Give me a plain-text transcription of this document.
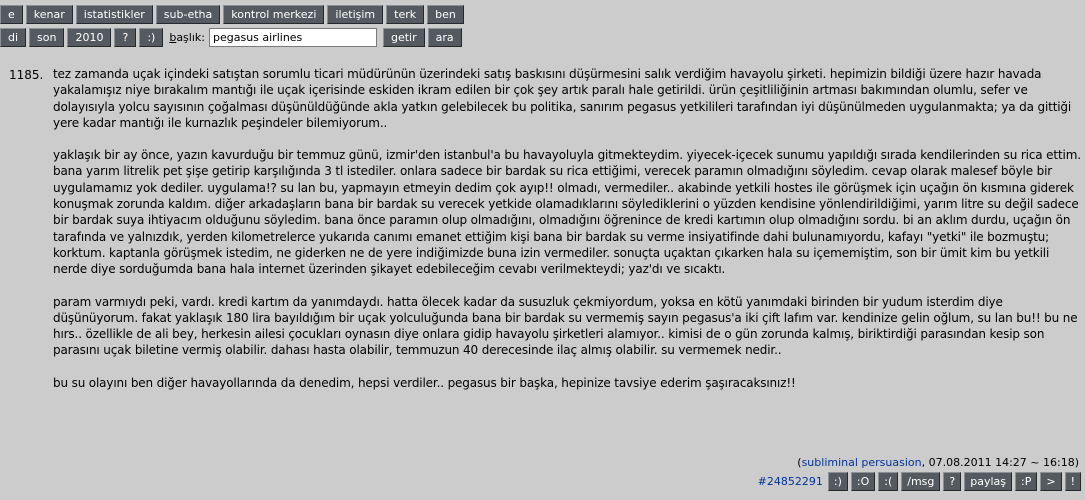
e	kenar	istatistikler	sub-etha	kontrol merkezi	iletişim	terk	ben
di	son	2010	?	:)	başlık:
pegasus airlines	getir	ara
1185. tez zamanda uçak içindeki satıştan sorumlu ticari müdürünün üzerindeki satış baskısını düşürmesini salık verdiğim havayolu şirketi. hepimizin bildiği üzere hazır havada yakalamışız niye bırakalım mantığı ile uçak içerisinde eskiden ikram edilen bir çok şey artık paralı hale getirildi. ürün çeşitliliğinin artması bakımından olumlu, sefer ve dolayısıyla yolcu sayısının çoğalması düşünüldüğünde akla yatkın gelebilecek bu politika, sanırım pegasus yetkilileri tarafından iyi düşünülmeden uygulanmakta; ya da gittiği yere kadar mantığı ile kurnazlık peşindeler bilemiyorum..

yaklaşık bir ay önce, yazın kavurduğu bir temmuz günü, izmir'den istanbul'a bu havayoluyla gitmekteydim. yiyecek-içecek sunumu yapıldığı sırada kendilerinden su rica ettim. bana yarım litrelik pet şişe getirip karşılığında 3 tl istediler. onlara sadece bir bardak su rica ettiğimi, verecek paramın olmadığını söyledim. cevap olarak malesef böyle bir uygulamamız yok dediler. uygulama!? su lan bu, yapmayın etmeyin dedim çok ayıp!! olmadı, vermediler.. akabinde yetkili hostes ile görüşmek için uçağın ön kısmına giderek konuşmak zorunda kaldım. diğer arkadaşların bana bir bardak su verecek yetkide olamadıklarını söylediklerini o yüzden kendisine yönlendirildiğimi, yarım litre su değil sadece bir bardak suya ihtiyacım olduğunu söyledim. bana önce paramın olup olmadığını, olmadığını öğrenince de kredi kartımın olup olmadığını sordu. bi an aklım durdu, uçağın ön tarafında ve yalnızdık, yerden kilometrelerce yukarıda canımı emanet ettiğim kişi bana bir bardak su verme insiyatifinde dahi bulunamıyordu, kafayı "yetki" ile bozmuştu; korktum. kaptanla görüşmek istedim, ne giderken ne de yere indiğimizde buna izin vermediler. sonuçta uçaktan çıkarken hala su içememiştim, son bir ümit kim bu yetkili nerde diye sorduğumda bana hala internet üzerinden şikayet edebileceğim cevabı verilmekteydi; yaz'dı ve sıcaktı.

param varmıydı peki, vardı. kredi kartım da yanımdaydı. hatta ölecek kadar da susuzluk çekmiyordum, yoksa en kötü yanımdaki birinden bir yudum isterdim diye düşünüyorum. fakat yaklaşık 180 lira bayıldığım bir uçak yolculuğunda bana bir bardak su vermemiş sayın pegasus'a iki çift lafım var. kendinize gelin oğlum, su lan bu!! bu ne hırs.. özellikle de ali bey, herkesin ailesi çocukları oynasın diye onlara gidip havayolu şirketleri alamıyor.. kimisi de o gün zorunda kalmış, biriktirdiği parasından kesip son parasını uçak biletine vermiş olabilir. dahası hasta olabilir, temmuzun 40 derecesinde ilaç almış olabilir. su vermemek nedir..

bu su olayını ben diğer havayollarında da denedim, hepsi verdiler.. pegasus bir başka, hepinize tavsiye ederim şaşıracaksınız!!

(subliminal persuasion, 07.08.2011 14:27 ~ 16:18)
#24852291	:)	:O	:(	/msg	?	paylaş	:P	>	!
